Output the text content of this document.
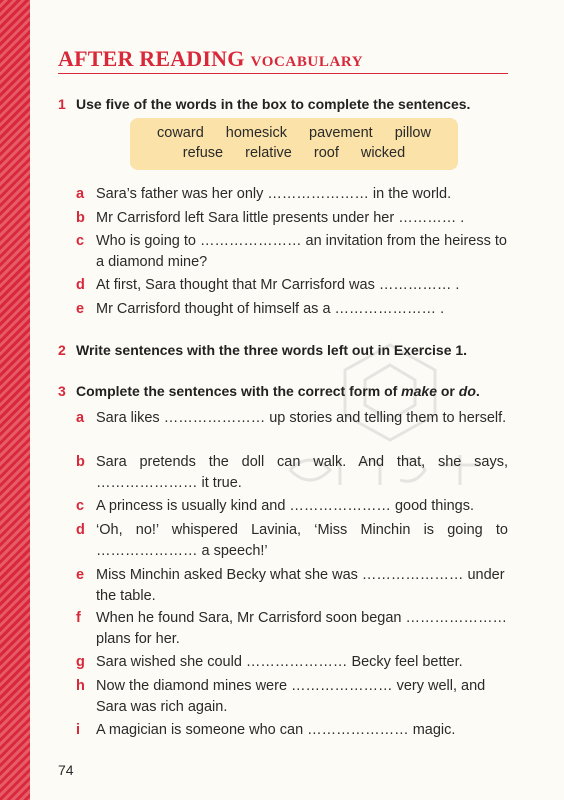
AFTER READING VOCABULARY
1 Use five of the words in the box to complete the sentences.
coward homesick pavement pillow
refuse relative roof wicked
a Sara’s father was her only ………………… in the world.
b Mr Carrisford left Sara little presents under her ………… .
c Who is going to ………………… an invitation from the heiress to a diamond mine?
d At first, Sara thought that Mr Carrisford was …………… .
e Mr Carrisford thought of himself as a ………………… .
2 Write sentences with the three words left out in Exercise 1.
3 Complete the sentences with the correct form of make or do.
a Sara likes ………………… up stories and telling them to herself.
b Sara pretends the doll can walk. And that, she says, ………………… it true.
c A princess is usually kind and ………………… good things.
d ‘Oh, no!’ whispered Lavinia, ‘Miss Minchin is going to ………………… a speech!’
e Miss Minchin asked Becky what she was ………………… under the table.
f When he found Sara, Mr Carrisford soon began ………………… plans for her.
g Sara wished she could ………………… Becky feel better.
h Now the diamond mines were ………………… very well, and Sara was rich again.
i A magician is someone who can ………………… magic.
74
